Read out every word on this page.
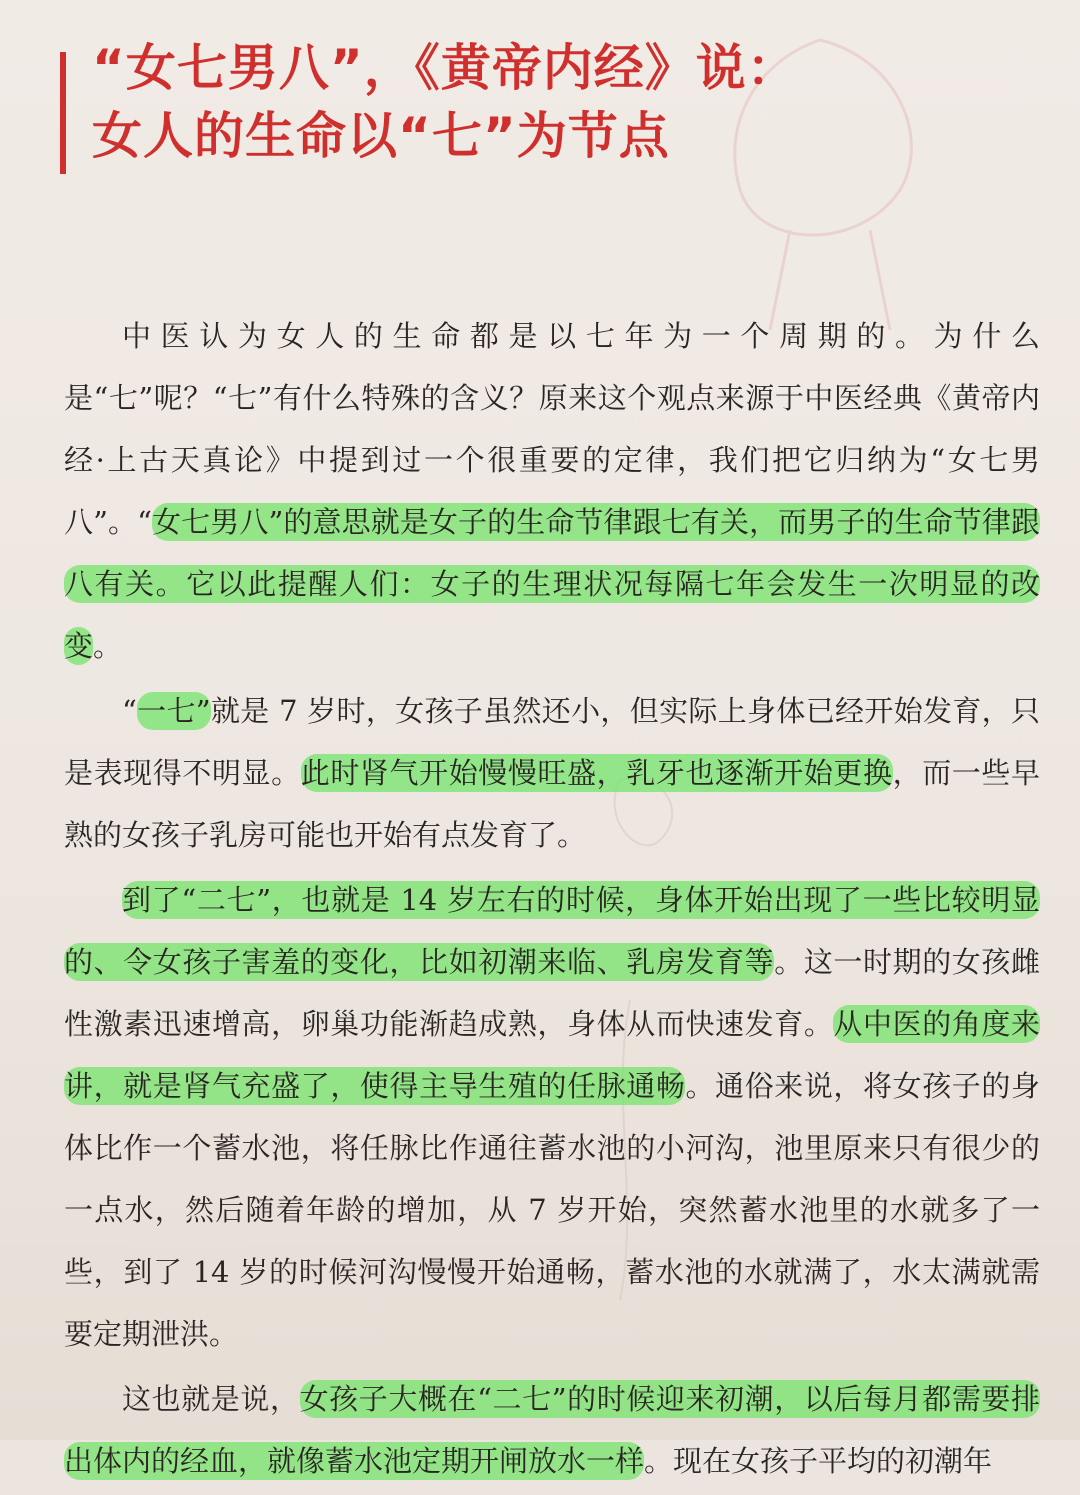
“女七男八”，《黄帝内经》说：
女人的生命以“七”为节点

中医认为女人的生命都是以七年为一个周期的。为什么是“七”呢？“七”有什么特殊的含义？原来这个观点来源于中医经典《黄帝内经·上古天真论》中提到过一个很重要的定律，我们把它归纳为“女七男八”。“女七男八”的意思就是女子的生命节律跟七有关，而男子的生命节律跟八有关。它以此提醒人们：女子的生理状况每隔七年会发生一次明显的改变。

“一七”就是 7 岁时，女孩子虽然还小，但实际上身体已经开始发育，只是表现得不明显。此时肾气开始慢慢旺盛，乳牙也逐渐开始更换，而一些早熟的女孩子乳房可能也开始有点发育了。

到了“二七”，也就是 14 岁左右的时候，身体开始出现了一些比较明显的、令女孩子害羞的变化，比如初潮来临、乳房发育等。这一时期的女孩雌性激素迅速增高，卵巢功能渐趋成熟，身体从而快速发育。从中医的角度来讲，就是肾气充盛了，使得主导生殖的任脉通畅。通俗来说，将女孩子的身体比作一个蓄水池，将任脉比作通往蓄水池的小河沟，池里原来只有很少的一点水，然后随着年龄的增加，从 7 岁开始，突然蓄水池里的水就多了一些，到了 14 岁的时候河沟慢慢开始通畅，蓄水池的水就满了，水太满就需要定期泄洪。

这也就是说，女孩子大概在“二七”的时候迎来初潮，以后每月都需要排出体内的经血，就像蓄水池定期开闸放水一样。现在女孩子平均的初潮年
